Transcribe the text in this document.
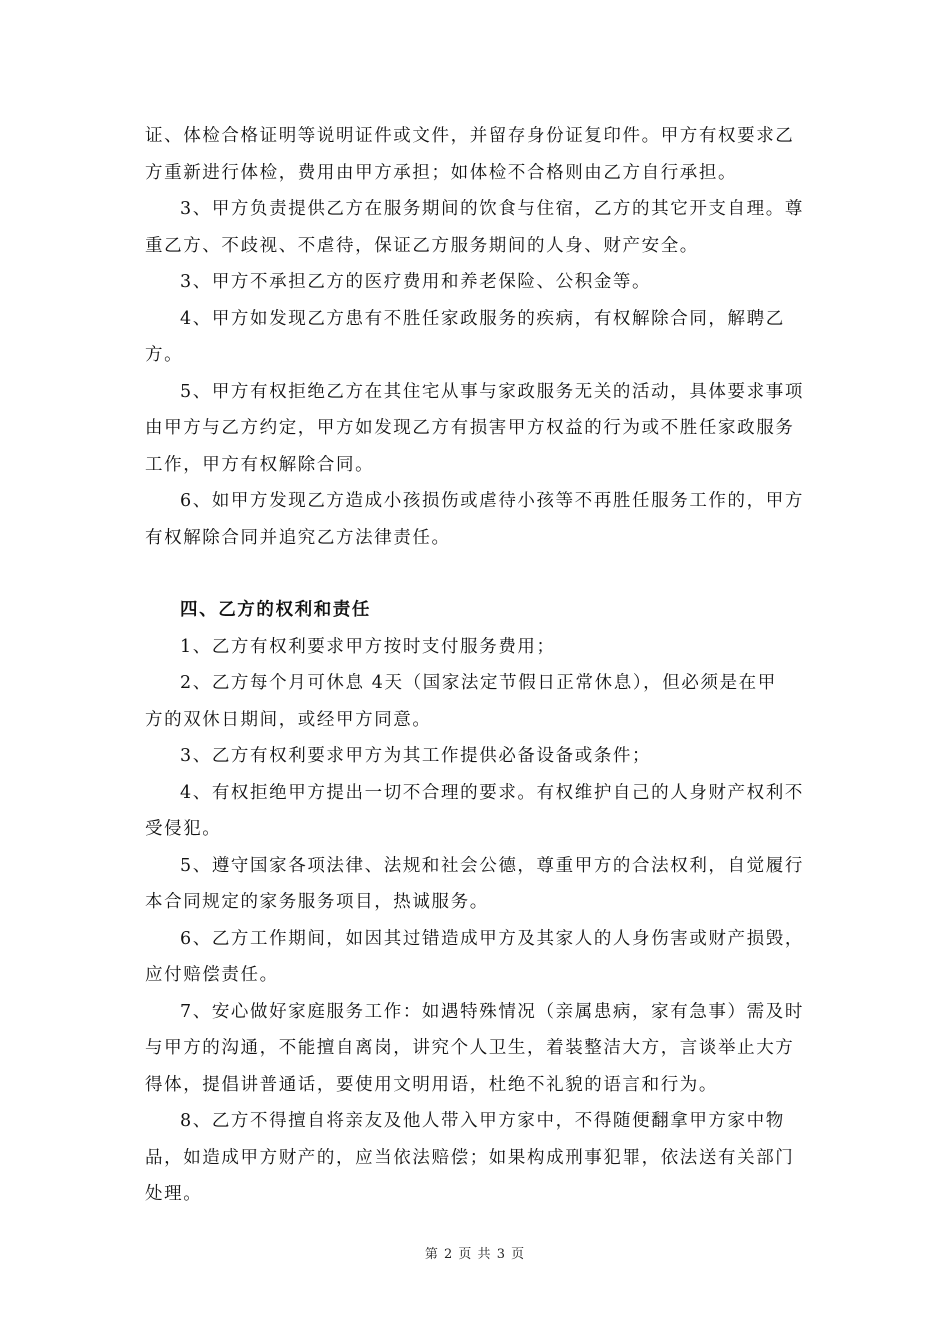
证、体检合格证明等说明证件或文件，并留存身份证复印件。甲方有权要求乙
方重新进行体检，费用由甲方承担；如体检不合格则由乙方自行承担。
3、甲方负责提供乙方在服务期间的饮食与住宿，乙方的其它开支自理。尊
重乙方、不歧视、不虐待，保证乙方服务期间的人身、财产安全。
3、甲方不承担乙方的医疗费用和养老保险、公积金等。
4、甲方如发现乙方患有不胜任家政服务的疾病，有权解除合同，解聘乙
方。
5、甲方有权拒绝乙方在其住宅从事与家政服务无关的活动，具体要求事项
由甲方与乙方约定，甲方如发现乙方有损害甲方权益的行为或不胜任家政服务
工作，甲方有权解除合同。
6、如甲方发现乙方造成小孩损伤或虐待小孩等不再胜任服务工作的，甲方
有权解除合同并追究乙方法律责任。
四、乙方的权利和责任
1、乙方有权利要求甲方按时支付服务费用；
2、乙方每个月可休息 4天（国家法定节假日正常休息），但必须是在甲
方的双休日期间，或经甲方同意。
3、乙方有权利要求甲方为其工作提供必备设备或条件；
4、有权拒绝甲方提出一切不合理的要求。有权维护自己的人身财产权利不
受侵犯。
5、遵守国家各项法律、法规和社会公德，尊重甲方的合法权利，自觉履行
本合同规定的家务服务项目，热诚服务。
6、乙方工作期间，如因其过错造成甲方及其家人的人身伤害或财产损毁，
应付赔偿责任。
7、安心做好家庭服务工作：如遇特殊情况（亲属患病，家有急事）需及时
与甲方的沟通，不能擅自离岗，讲究个人卫生，着装整洁大方，言谈举止大方
得体，提倡讲普通话，要使用文明用语，杜绝不礼貌的语言和行为。
8、乙方不得擅自将亲友及他人带入甲方家中，不得随便翻拿甲方家中物
品，如造成甲方财产的，应当依法赔偿；如果构成刑事犯罪，依法送有关部门
处理。
第 2 页 共 3 页
